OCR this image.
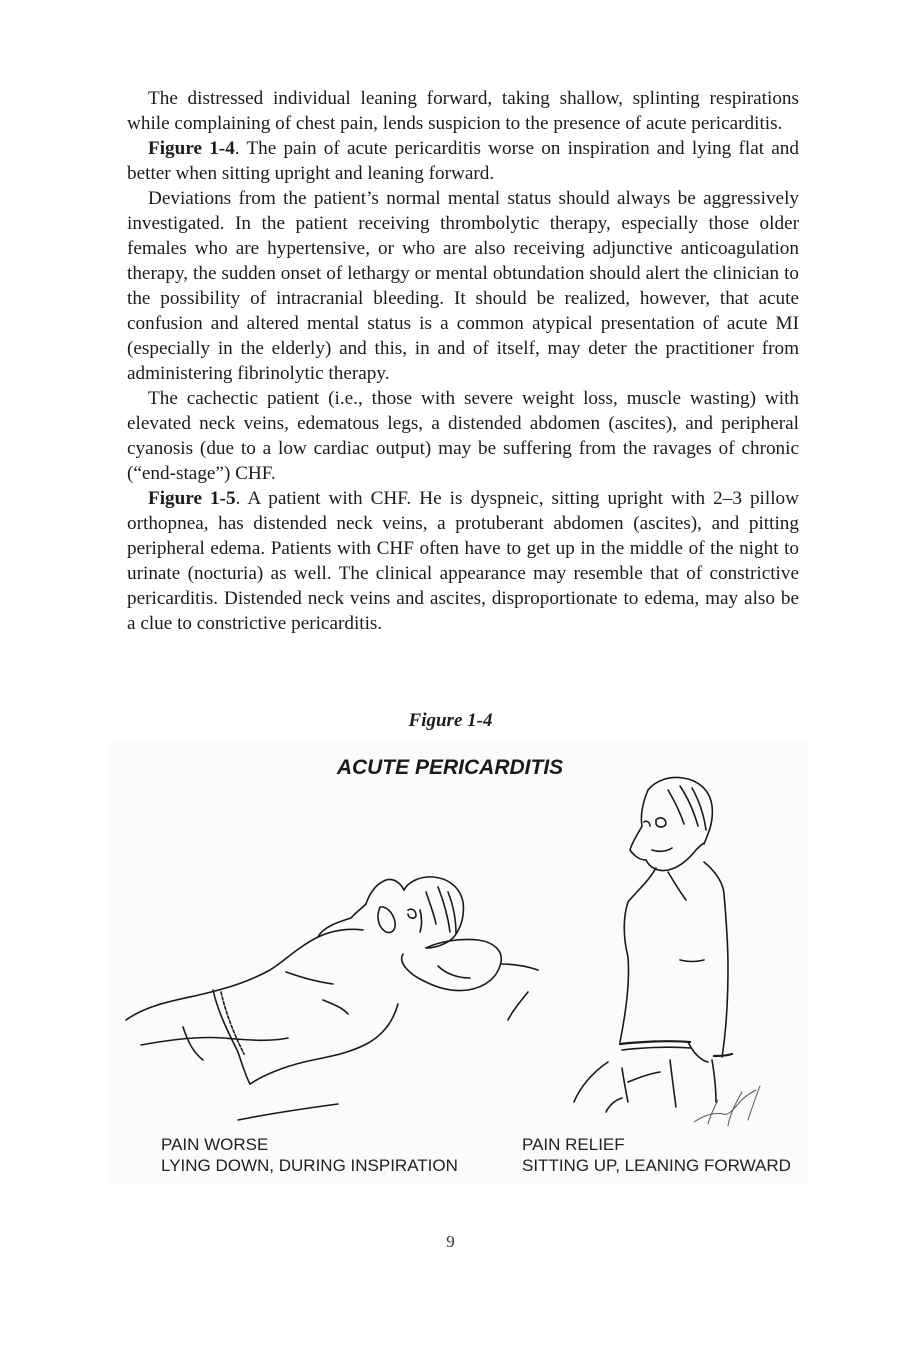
The distressed individual leaning forward, taking shallow, splinting respirations while complaining of chest pain, lends suspicion to the presence of acute pericarditis.

Figure 1-4. The pain of acute pericarditis worse on inspiration and lying flat and better when sitting upright and leaning forward.

Deviations from the patient’s normal mental status should always be aggressively investigated. In the patient receiving thrombolytic therapy, especially those older females who are hypertensive, or who are also receiving adjunctive anticoagulation therapy, the sudden onset of lethargy or mental obtundation should alert the clinician to the possibility of intracranial bleeding. It should be realized, however, that acute confusion and altered mental status is a common atypical presentation of acute MI (especially in the elderly) and this, in and of itself, may deter the practitioner from administering fibrinolytic therapy.

The cachectic patient (i.e., those with severe weight loss, muscle wasting) with elevated neck veins, edematous legs, a distended abdomen (ascites), and peripheral cyanosis (due to a low cardiac output) may be suffering from the ravages of chronic (“end-stage”) CHF.

Figure 1-5. A patient with CHF. He is dyspneic, sitting upright with 2–3 pillow orthopnea, has distended neck veins, a protuberant abdomen (ascites), and pitting peripheral edema. Patients with CHF often have to get up in the middle of the night to urinate (nocturia) as well. The clinical appearance may resemble that of constrictive pericarditis. Distended neck veins and ascites, disproportionate to edema, may also be a clue to constrictive pericarditis.

Figure 1-4
ACUTE PERICARDITIS
PAIN WORSE
LYING DOWN, DURING INSPIRATION
PAIN RELIEF
SITTING UP, LEANING FORWARD
9
